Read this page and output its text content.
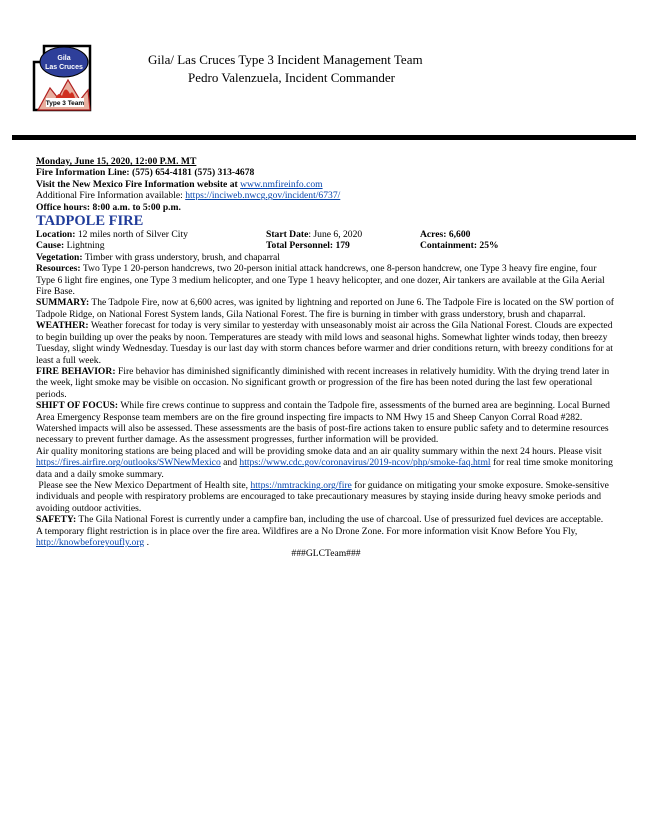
Gila
Las Cruces
Type 3 Team
Gila/ Las Cruces Type 3 Incident Management Team
Pedro Valenzuela, Incident Commander

Monday, June 15, 2020, 12:00 P.M. MT

Fire Information Line: (575) 654-4181 (575) 313-4678

Visit the New Mexico Fire Information website at www.nmfireinfo.com

Additional Fire Information available: https://inciweb.nwcg.gov/incident/6737/

Office hours: 8:00 a.m. to 5:00 p.m.

TADPOLE FIRE

Location: 12 miles north of Silver City	Start Date: June 6, 2020	Acres: 6,600
Cause: Lightning	Total Personnel: 179	Containment: 25%

Vegetation: Timber with grass understory, brush, and chaparral

Resources: Two Type 1 20-person handcrews, two 20-person initial attack handcrews, one 8-person handcrew, one Type 3 heavy fire engine, four Type 6 light fire engines, one Type 3 medium helicopter, and one Type 1 heavy helicopter, and one dozer, Air tankers are available at the Gila Aerial Fire Base.

SUMMARY: The Tadpole Fire, now at 6,600 acres, was ignited by lightning and reported on June 6. The Tadpole Fire is located on the SW portion of Tadpole Ridge, on National Forest System lands, Gila National Forest. The fire is burning in timber with grass understory, brush and chaparral.

WEATHER: Weather forecast for today is very similar to yesterday with unseasonably moist air across the Gila National Forest. Clouds are expected to begin building up over the peaks by noon. Temperatures are steady with mild lows and seasonal highs. Somewhat lighter winds today, then breezy Tuesday, slight windy Wednesday. Tuesday is our last day with storm chances before warmer and drier conditions return, with breezy conditions for at least a full week.

FIRE BEHAVIOR: Fire behavior has diminished significantly diminished with recent increases in relatively humidity. With the drying trend later in the week, light smoke may be visible on occasion. No significant growth or progression of the fire has been noted during the last few operational periods.

SHIFT OF FOCUS: While fire crews continue to suppress and contain the Tadpole fire, assessments of the burned area are beginning. Local Burned Area Emergency Response team members are on the fire ground inspecting fire impacts to NM Hwy 15 and Sheep Canyon Corral Road #282. Watershed impacts will also be assessed. These assessments are the basis of post-fire actions taken to ensure public safety and to determine resources necessary to prevent further damage. As the assessment progresses, further information will be provided.

Air quality monitoring stations are being placed and will be providing smoke data and an air quality summary within the next 24 hours. Please visit https://fires.airfire.org/outlooks/SWNewMexico and https://www.cdc.gov/coronavirus/2019-ncov/php/smoke-faq.html for real time smoke monitoring data and a daily smoke summary.

Please see the New Mexico Department of Health site, https://nmtracking.org/fire for guidance on mitigating your smoke exposure. Smoke-sensitive individuals and people with respiratory problems are encouraged to take precautionary measures by staying inside during heavy smoke periods and avoiding outdoor activities.

SAFETY: The Gila National Forest is currently under a campfire ban, including the use of charcoal. Use of pressurized fuel devices are acceptable.

A temporary flight restriction is in place over the fire area. Wildfires are a No Drone Zone. For more information visit Know Before You Fly, http://knowbeforeyoufly.org .

###GLCTeam###
